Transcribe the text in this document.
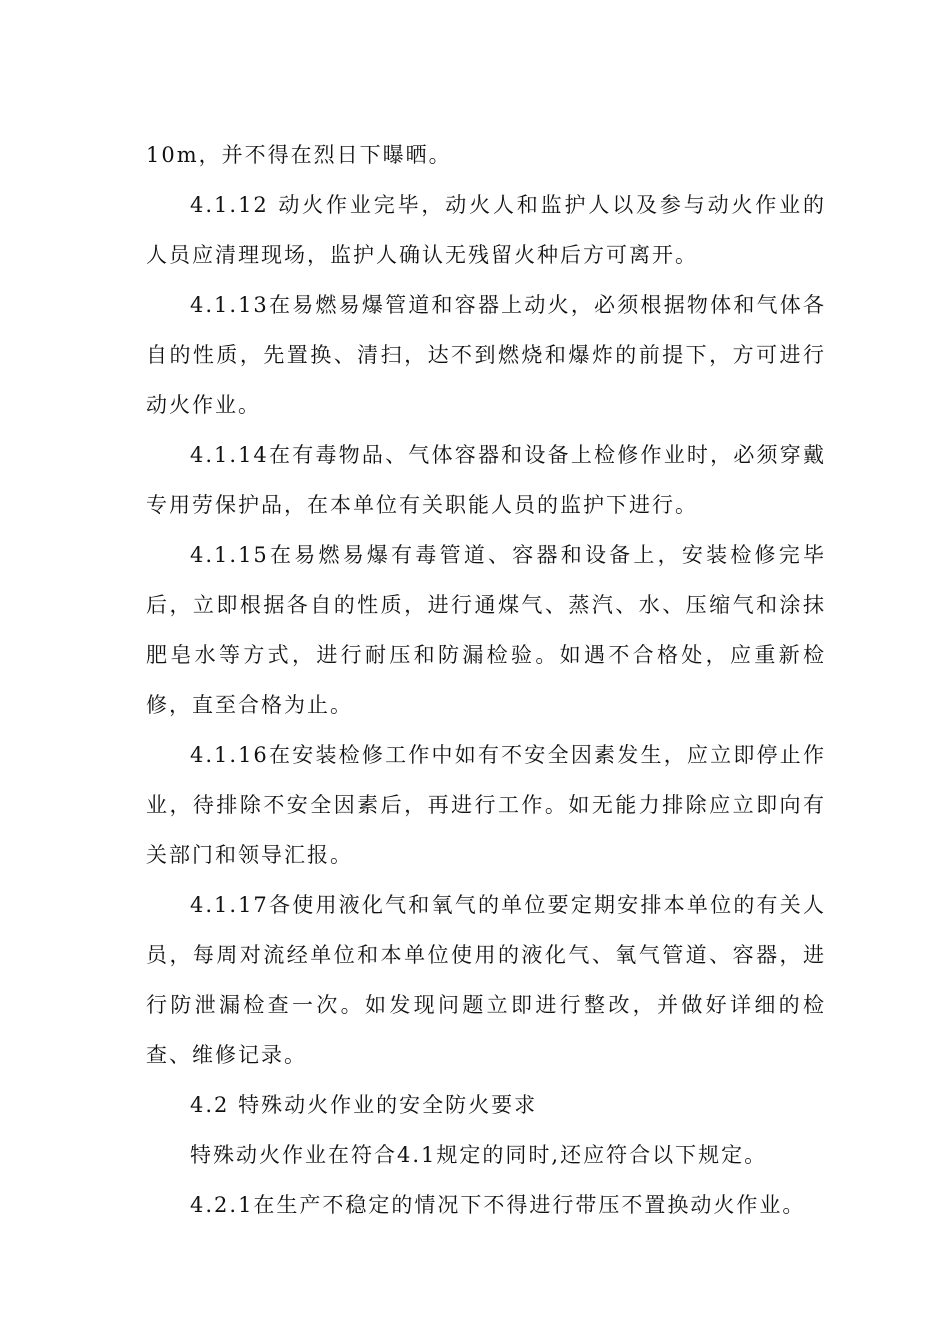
10m，并不得在烈日下曝晒。

4.1.12 动火作业完毕，动火人和监护人以及参与动火作业的人员应清理现场，监护人确认无残留火种后方可离开。

4.1.13在易燃易爆管道和容器上动火，必须根据物体和气体各自的性质，先置换、清扫，达不到燃烧和爆炸的前提下，方可进行动火作业。

4.1.14在有毒物品、气体容器和设备上检修作业时，必须穿戴专用劳保护品，在本单位有关职能人员的监护下进行。

4.1.15在易燃易爆有毒管道、容器和设备上，安装检修完毕后，立即根据各自的性质，进行通煤气、蒸汽、水、压缩气和涂抹肥皂水等方式，进行耐压和防漏检验。如遇不合格处，应重新检修，直至合格为止。

4.1.16在安装检修工作中如有不安全因素发生，应立即停止作业，待排除不安全因素后，再进行工作。如无能力排除应立即向有关部门和领导汇报。

4.1.17各使用液化气和氧气的单位要定期安排本单位的有关人员，每周对流经单位和本单位使用的液化气、氧气管道、容器，进行防泄漏检查一次。如发现问题立即进行整改，并做好详细的检查、维修记录。

4.2 特殊动火作业的安全防火要求

特殊动火作业在符合4.1规定的同时,还应符合以下规定。

4.2.1在生产不稳定的情况下不得进行带压不置换动火作业。
